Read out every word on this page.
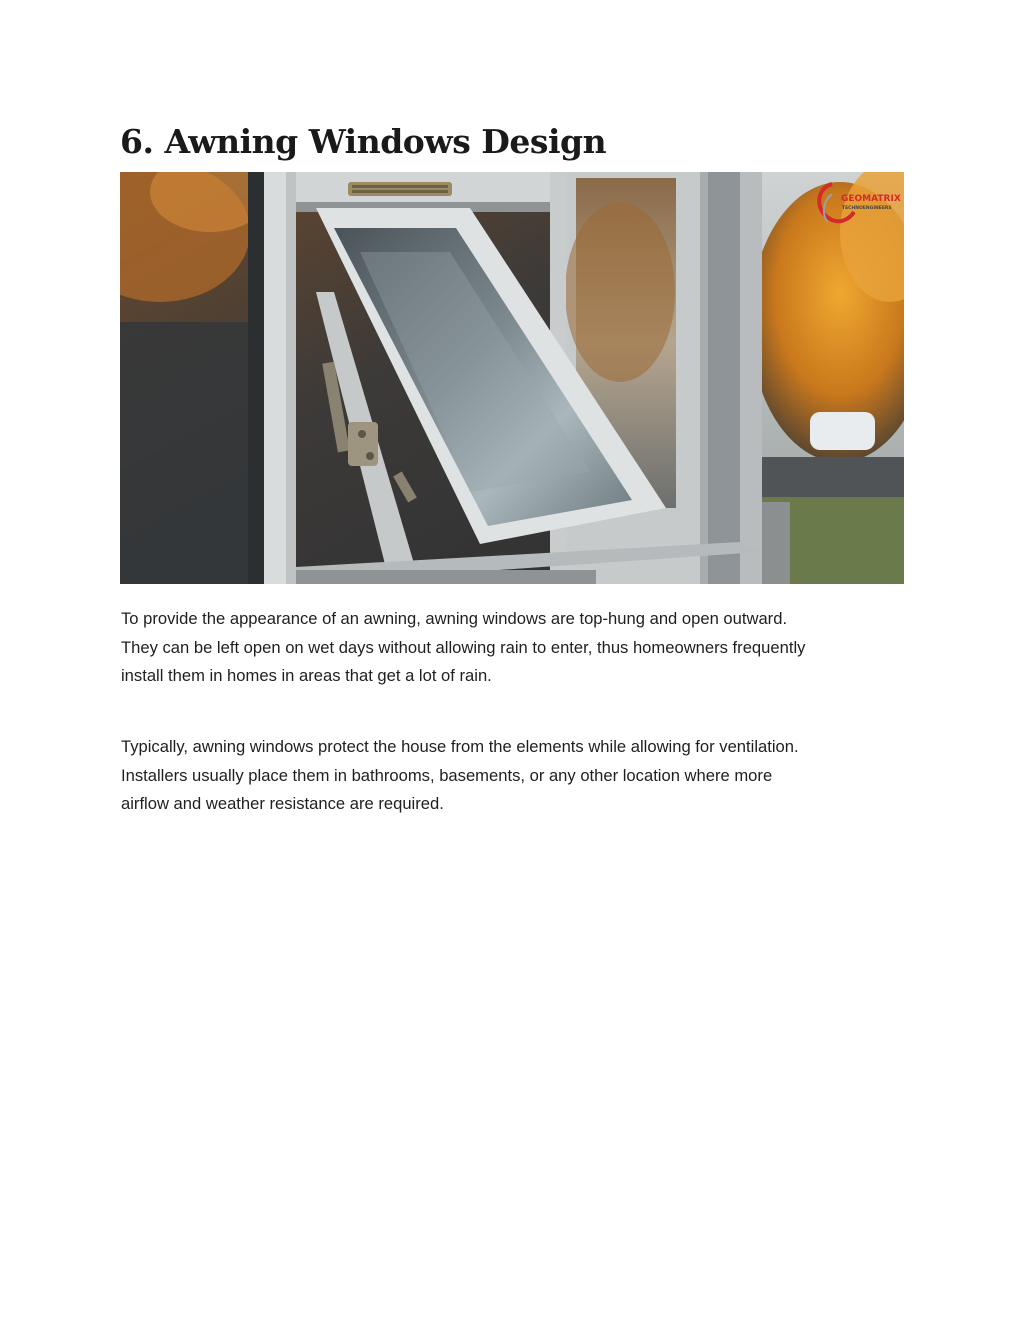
6. Awning Windows Design
GEOMATRIX
TECHNOENGINEERS

To provide the appearance of an awning, awning windows are top-hung and open outward.
They can be left open on wet days without allowing rain to enter, thus homeowners frequently
install them in homes in areas that get a lot of rain.

Typically, awning windows protect the house from the elements while allowing for ventilation.
Installers usually place them in bathrooms, basements, or any other location where more
airflow and weather resistance are required.
